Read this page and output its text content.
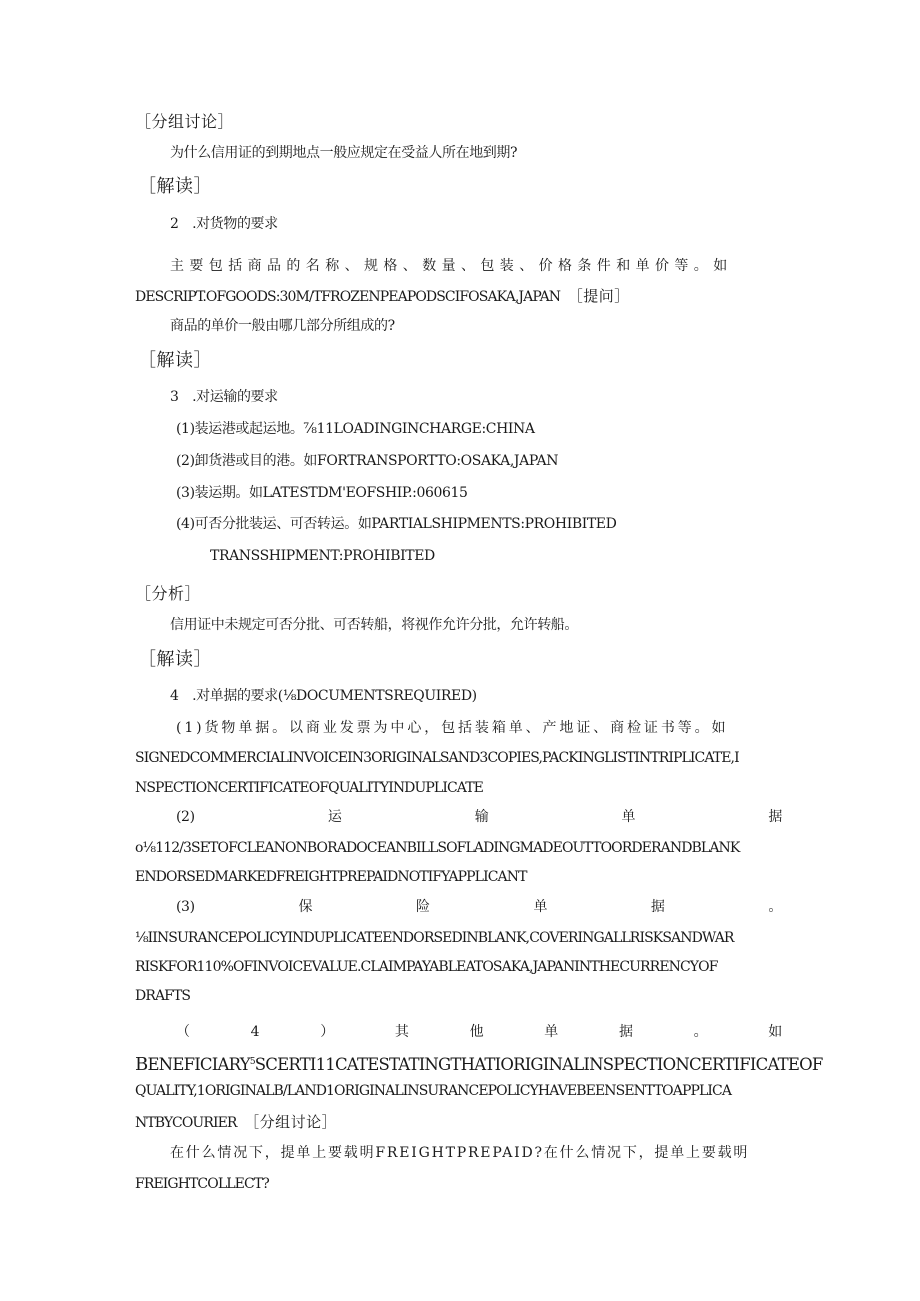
［分组讨论］
为什么信用证的到期地点一般应规定在受益人所在地到期?
［解读］
2　.对货物的要求
主要包括商品的名称、规格、数量、包装、价格条件和单价等。如
DESCRIPT.OFGOODS:30M/TFROZENPEAPODSCIFOSAKA,JAPAN ［提问］
商品的单价一般由哪几部分所组成的?
［解读］
3　.对运输的要求
(1)装运港或起运地。⅞11LOADINGINCHARGE:CHINA
(2)卸货港或目的港。如FORTRANSPORTTO:OSAKA,JAPAN
(3)装运期。如LATESTDM'EOFSHIP.:060615
(4)可否分批装运、可否转运。如PARTIALSHIPMENTS:PROHIBITED
TRANSSHIPMENT:PROHIBITED
［分析］
信用证中未规定可否分批、可否转船，将视作允许分批，允许转船。
［解读］
4　.对单据的要求(⅛DOCUMENTSREQUIRED)
(1)货物单据。以商业发票为中心，包括装箱单、产地证、商检证书等。如
SIGNEDCOMMERCIALINVOICEIN3ORIGINALSAND3COPIES,PACKINGLISTINTRIPLICATE,I
NSPECTIONCERTIFICATEOFQUALITYINDUPLICATE
(2)	运	输	单	据
o⅛112/3SETOFCLEANONBORADOCEANBILLSOFLADINGMADEOUTTOORDERANDBLANK
ENDORSEDMARKEDFREIGHTPREPAIDNOTIFYAPPLICANT
(3)	保	险	单	据	。
⅛IINSURANCEPOLICYINDUPLICATEENDORSEDINBLANK,COVERINGALLRISKSANDWAR
RISKFOR110%OFINVOICEVALUE.CLAIMPAYABLEATOSAKA,JAPANINTHECURRENCYOF
DRAFTS
（	4	）	其	他	单	据	。	如
BENEFICIARY$^5$SCERTI11CATESTATINGTHATIORIGINALINSPECTIONCERTIFICATEOF
QUALITY,1ORIGINALB/LAND1ORIGINALINSURANCEPOLICYHAVEBEENSENTTOAPPLICA
NTBYCOURIER ［分组讨论］
在什么情况下，提单上要载明FREIGHTPREPAID?在什么情况下，提单上要载明
FREIGHTCOLLECT?
